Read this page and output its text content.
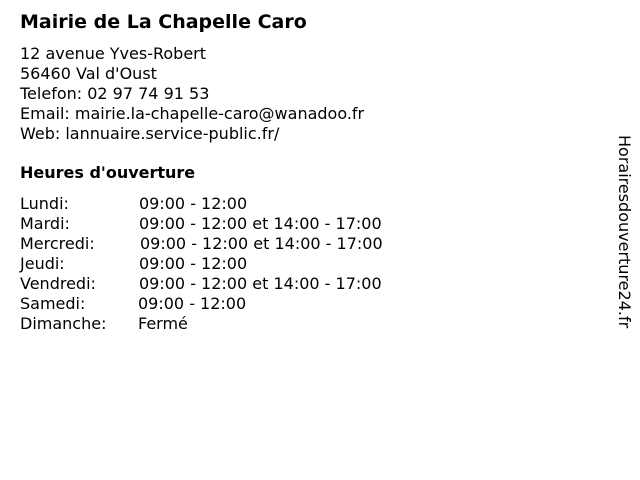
Mairie de La Chapelle Caro
12 avenue Yves-Robert
56460 Val d'Oust
Telefon: 02 97 74 91 53
Email: mairie.la-chapelle-caro@wanadoo.fr
Web: lannuaire.service-public.fr/
Heures d'ouverture
Lundi:	09:00 - 12:00
Mardi:	09:00 - 12:00 et 14:00 - 17:00
Mercredi:	09:00 - 12:00 et 14:00 - 17:00
Jeudi:	09:00 - 12:00
Vendredi:	09:00 - 12:00 et 14:00 - 17:00
Samedi:	09:00 - 12:00
Dimanche: Fermé	Horairesdouverture24.fr
